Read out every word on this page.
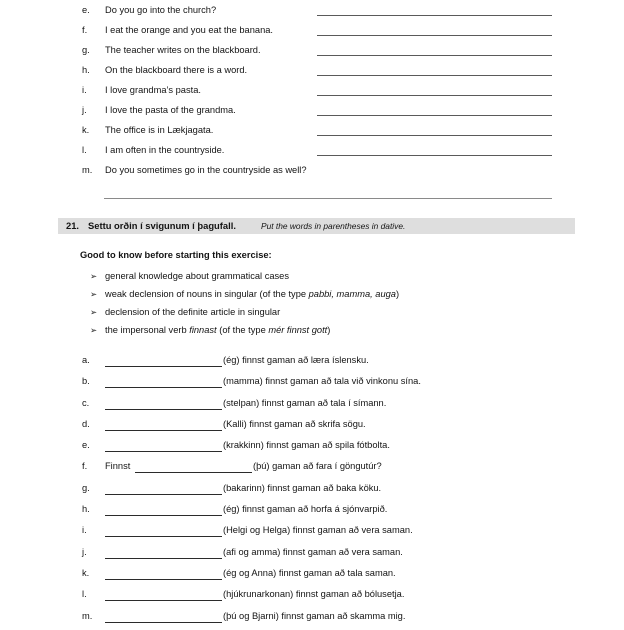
e.	Do you go into the church?
f.	I eat the orange and you eat the banana.
g.	The teacher writes on the blackboard.
h.	On the blackboard there is a word.
i.	I love grandma’s pasta.
j.	I love the pasta of the grandma.
k.	The office is in Lækjagata.
l.	I am often in the countryside.
m.	Do you sometimes go in the countryside as well?
21. Settu orðin í svigunum í þagufall.	Put the words in parentheses in dative.
Good to know before starting this exercise:
➢ general knowledge about grammatical cases
➢ weak declension of nouns in singular (of the type pabbi, mamma, auga)
➢ declension of the definite article in singular
➢ the impersonal verb finnast (of the type mér finnst gott)
a.	(ég) finnst gaman að læra íslensku.
b.	(mamma) finnst gaman að tala við vinkonu sína.
c.	(stelpan) finnst gaman að tala í símann.
d.	(Kalli) finnst gaman að skrifa sögu.
e.	(krakkinn) finnst gaman að spila fótbolta.
f.	Finnst	(þú) gaman að fara í göngutúr?
g.	(bakarinn) finnst gaman að baka köku.
h.	(ég) finnst gaman að horfa á sjónvarpið.
i.	(Helgi og Helga) finnst gaman að vera saman.
j.	(afi og amma) finnst gaman að vera saman.
k.	(ég og Anna) finnst gaman að tala saman.
l.	(hjúkrunarkonan) finnst gaman að bólusetja.
m.	(þú og Bjarni) finnst gaman að skamma mig.
